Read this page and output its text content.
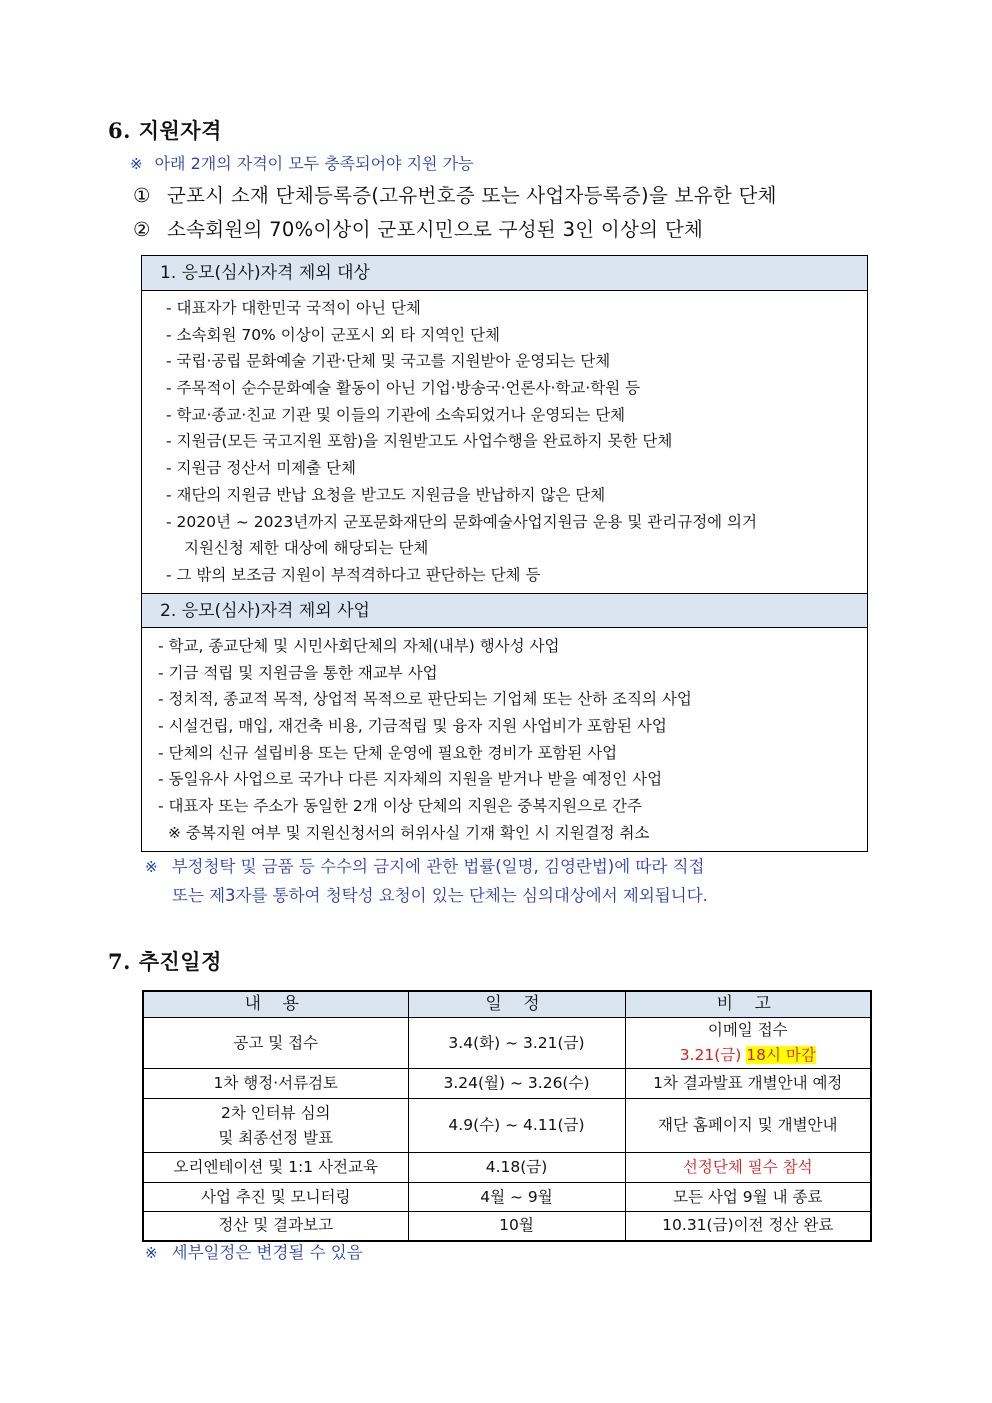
6. 지원자격
※ 아래 2개의 자격이 모두 충족되어야 지원 가능
① 군포시 소재 단체등록증(고유번호증 또는 사업자등록증)을 보유한 단체
② 소속회원의 70%이상이 군포시민으로 구성된 3인 이상의 단체
1. 응모(심사)자격 제외 대상
- 대표자가 대한민국 국적이 아닌 단체
- 소속회원 70% 이상이 군포시 외 타 지역인 단체
- 국립·공립 문화예술 기관·단체 및 국고를 지원받아 운영되는 단체
- 주목적이 순수문화예술 활동이 아닌 기업·방송국·언론사·학교·학원 등
- 학교·종교·친교 기관 및 이들의 기관에 소속되었거나 운영되는 단체
- 지원금(모든 국고지원 포함)을 지원받고도 사업수행을 완료하지 못한 단체
- 지원금 정산서 미제출 단체
- 재단의 지원금 반납 요청을 받고도 지원금을 반납하지 않은 단체
- 2020년 ~ 2023년까지 군포문화재단의 문화예술사업지원금 운용 및 관리규정에 의거
지원신청 제한 대상에 해당되는 단체
- 그 밖의 보조금 지원이 부적격하다고 판단하는 단체 등
2. 응모(심사)자격 제외 사업
- 학교, 종교단체 및 시민사회단체의 자체(내부) 행사성 사업
- 기금 적립 및 지원금을 통한 재교부 사업
- 정치적, 종교적 목적, 상업적 목적으로 판단되는 기업체 또는 산하 조직의 사업
- 시설건립, 매입, 재건축 비용, 기금적립 및 융자 지원 사업비가 포함된 사업
- 단체의 신규 설립비용 또는 단체 운영에 필요한 경비가 포함된 사업
- 동일유사 사업으로 국가나 다른 지자체의 지원을 받거나 받을 예정인 사업
- 대표자 또는 주소가 동일한 2개 이상 단체의 지원은 중복지원으로 간주
※ 중복지원 여부 및 지원신청서의 허위사실 기재 확인 시 지원결정 취소
※ 부정청탁 및 금품 등 수수의 금지에 관한 법률(일명, 김영란법)에 따라 직접
또는 제3자를 통하여 청탁성 요청이 있는 단체는 심의대상에서 제외됩니다.
7. 추진일정
내 용	일 정	비 고
공고 및 접수	3.4(화) ~ 3.21(금)	이메일 접수
3.21(금) 18시 마감

1차 행정·서류검토	3.24(월) ~ 3.26(수)	1차 결과발표 개별안내 예정

2차 인터뷰 심의
및 최종선정 발표	4.9(수) ~ 4.11(금)	재단 홈페이지 및 개별안내
오리엔테이션 및 1:1 사전교육	4.18(금)	선정단체 필수 참석
사업 추진 및 모니터링	4월 ~ 9월	모든 사업 9월 내 종료
정산 및 결과보고	10월	10.31(금)이전 정산 완료
※ 세부일정은 변경될 수 있음
